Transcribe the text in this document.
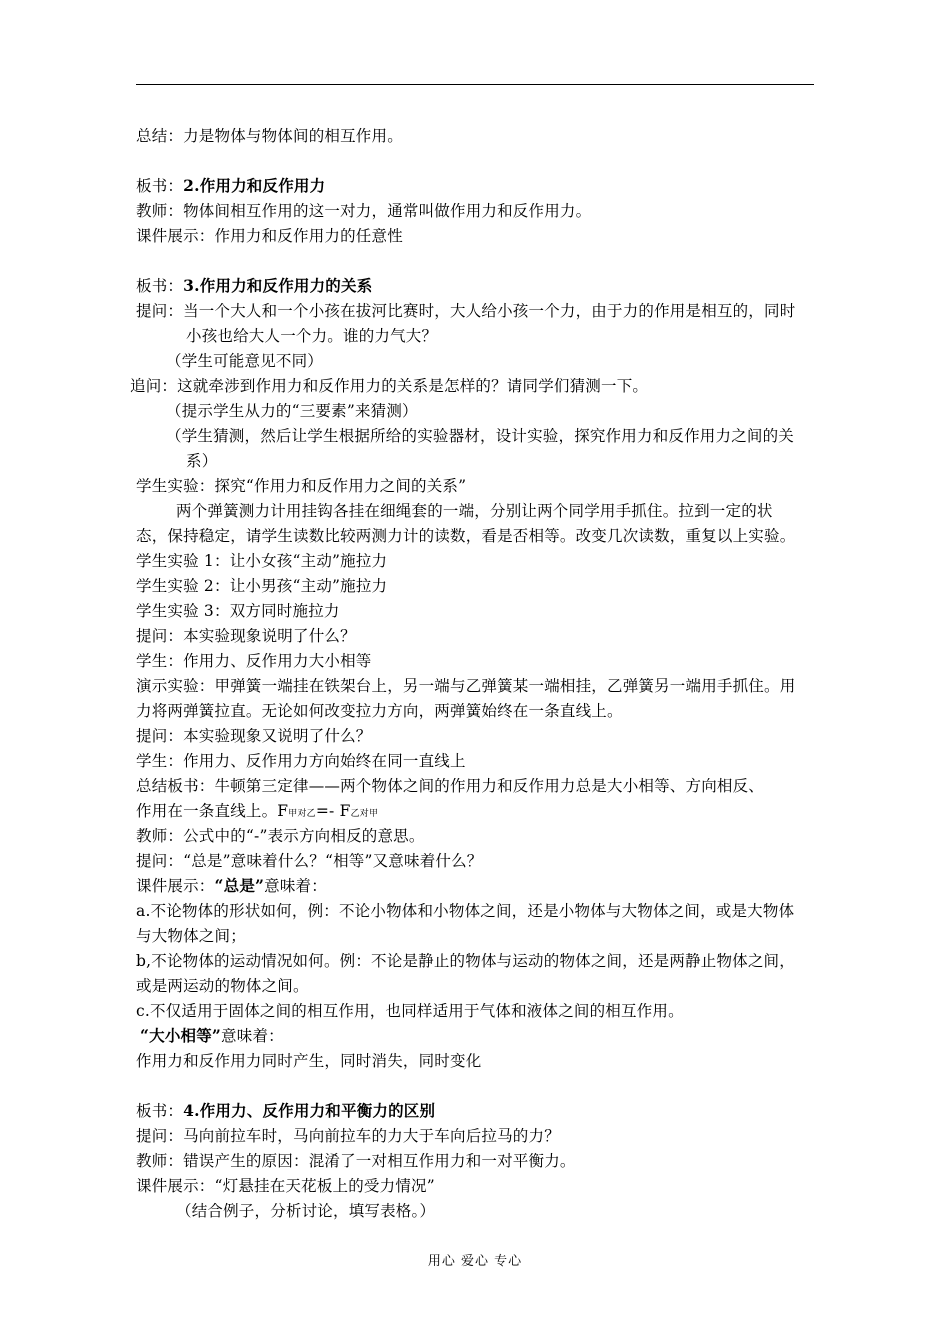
总结：力是物体与物体间的相互作用。
板书：2.作用力和反作用力
教师：物体间相互作用的这一对力，通常叫做作用力和反作用力。
课件展示：作用力和反作用力的任意性
板书：3.作用力和反作用力的关系
提问：当一个大人和一个小孩在拔河比赛时，大人给小孩一个力，由于力的作用是相互的，同时
小孩也给大人一个力。谁的力气大？
（学生可能意见不同）
追问：这就牵涉到作用力和反作用力的关系是怎样的？请同学们猜测一下。
（提示学生从力的“三要素”来猜测）
（学生猜测，然后让学生根据所给的实验器材，设计实验，探究作用力和反作用力之间的关
系）
学生实验：探究“作用力和反作用力之间的关系”
两个弹簧测力计用挂钩各挂在细绳套的一端，分别让两个同学用手抓住。拉到一定的状
态，保持稳定，请学生读数比较两测力计的读数，看是否相等。改变几次读数，重复以上实验。
学生实验 1：让小女孩“主动”施拉力
学生实验 2：让小男孩“主动”施拉力
学生实验 3：双方同时施拉力
提问：本实验现象说明了什么？
学生：作用力、反作用力大小相等
演示实验：甲弹簧一端挂在铁架台上，另一端与乙弹簧某一端相挂，乙弹簧另一端用手抓住。用
力将两弹簧拉直。无论如何改变拉力方向，两弹簧始终在一条直线上。
提问：本实验现象又说明了什么？
学生：作用力、反作用力方向始终在同一直线上
总结板书：牛顿第三定律——两个物体之间的作用力和反作用力总是大小相等、方向相反、
作用在一条直线上。F甲对乙=- F乙对甲
教师：公式中的“-”表示方向相反的意思。
提问：“总是”意味着什么？“相等”又意味着什么？
课件展示：“总是”意味着：
a.不论物体的形状如何，例：不论小物体和小物体之间，还是小物体与大物体之间，或是大物体
与大物体之间；
b,不论物体的运动情况如何。例：不论是静止的物体与运动的物体之间，还是两静止物体之间，
或是两运动的物体之间。
c.不仅适用于固体之间的相互作用，也同样适用于气体和液体之间的相互作用。
“大小相等”意味着：
作用力和反作用力同时产生，同时消失，同时变化
板书：4.作用力、反作用力和平衡力的区别
提问：马向前拉车时，马向前拉车的力大于车向后拉马的力？
教师：错误产生的原因：混淆了一对相互作用力和一对平衡力。
课件展示：“灯悬挂在天花板上的受力情况”
（结合例子，分析讨论，填写表格。）
用心 爱心 专心
